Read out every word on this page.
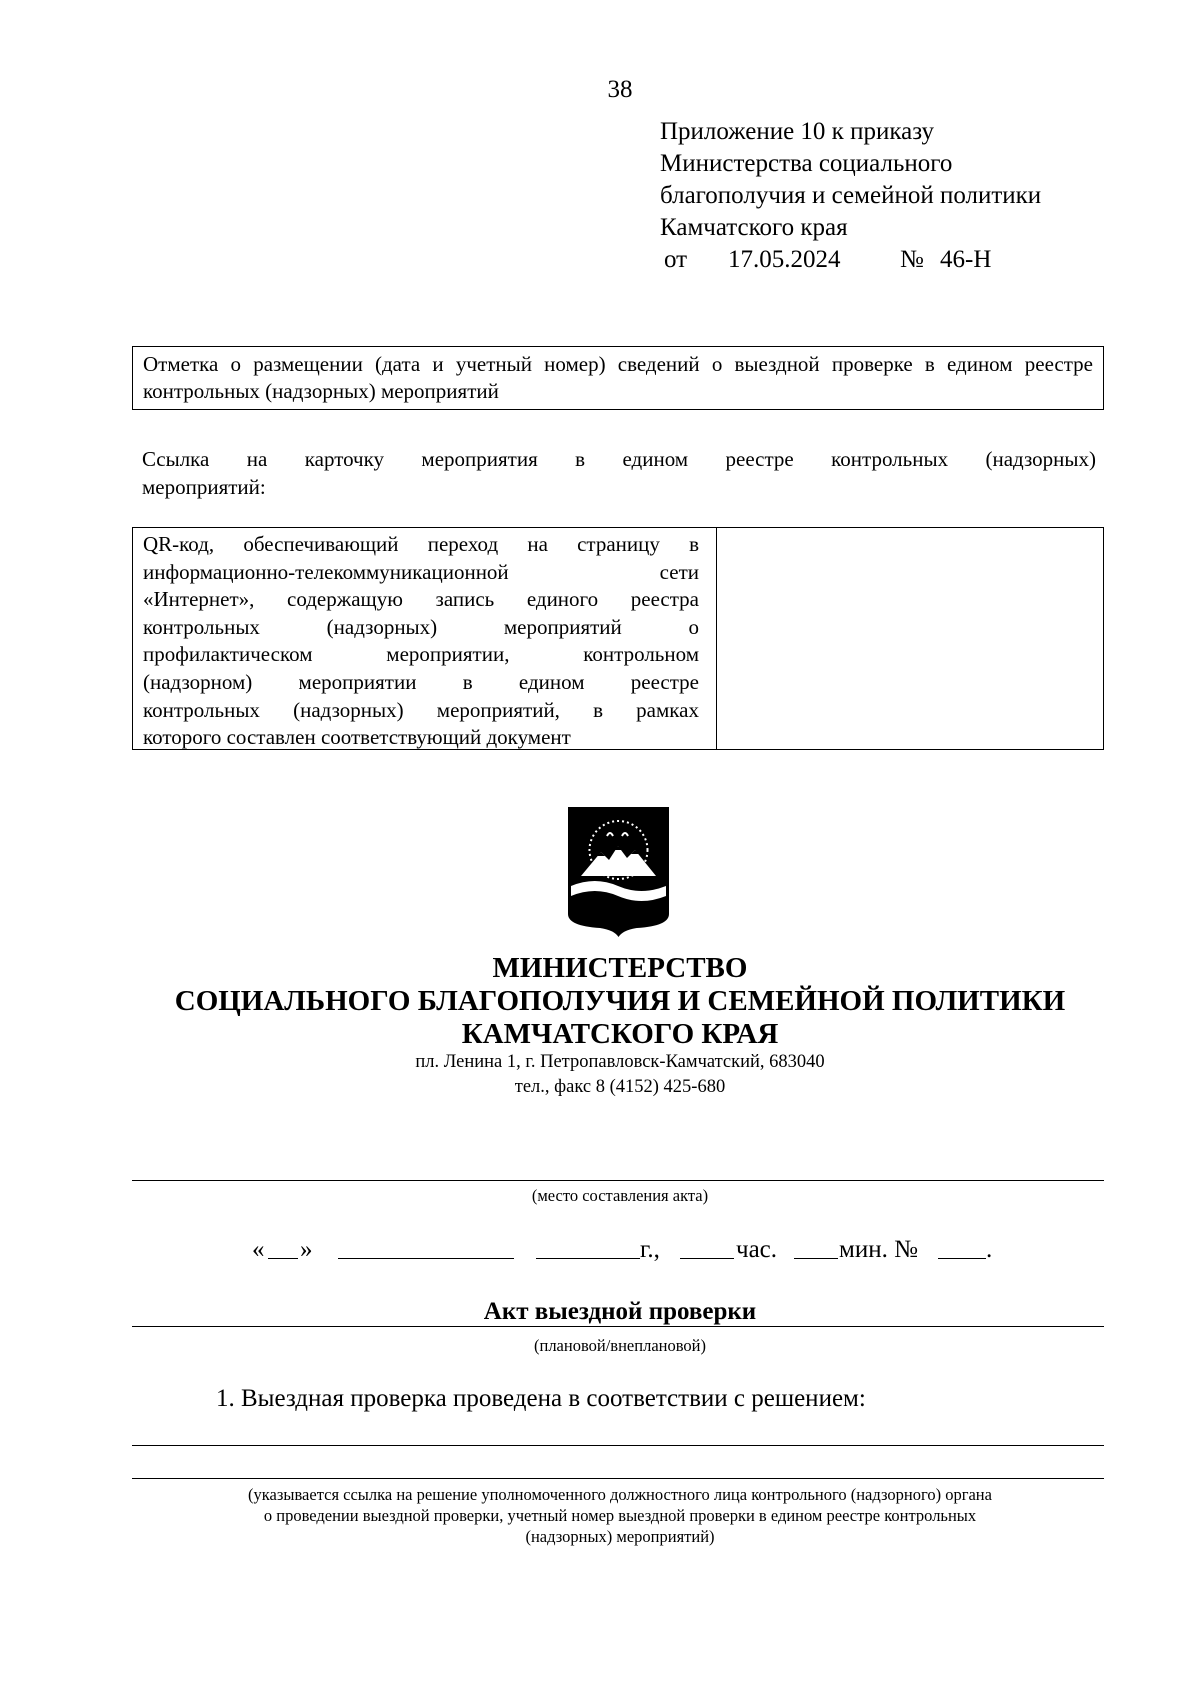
38
Приложение 10 к приказу
Министерства социального
благополучия и семейной политики
Камчатского края
от 17.05.2024 № 46-Н
Отметка о размещении (дата и учетный номер) сведений о выездной проверке в едином реестре контрольных (надзорных) мероприятий
Ссылка на карточку мероприятия в едином реестре контрольных (надзорных)
мероприятий:
QR-код, обеспечивающий переход на страницу в
информационно-телекоммуникационной сети
«Интернет», содержащую запись единого реестра
контрольных (надзорных) мероприятий о
профилактическом мероприятии, контрольном
(надзорном) мероприятии в едином реестре
контрольных (надзорных) мероприятий, в рамках
которого составлен соответствующий документ
МИНИСТЕРСТВО
СОЦИАЛЬНОГО БЛАГОПОЛУЧИЯ И СЕМЕЙНОЙ ПОЛИТИКИ
КАМЧАТСКОГО КРАЯ
пл. Ленина 1, г. Петропавловск-Камчатский, 683040
тел., факс 8 (4152) 425-680
(место составления акта)
« »	г.,	час. мин. №	.
Акт выездной проверки
(плановой/внеплановой)
1. Выездная проверка проведена в соответствии с решением:
(указывается ссылка на решение уполномоченного должностного лица контрольного (надзорного) органа
о проведении выездной проверки, учетный номер выездной проверки в едином реестре контрольных
(надзорных) мероприятий)
